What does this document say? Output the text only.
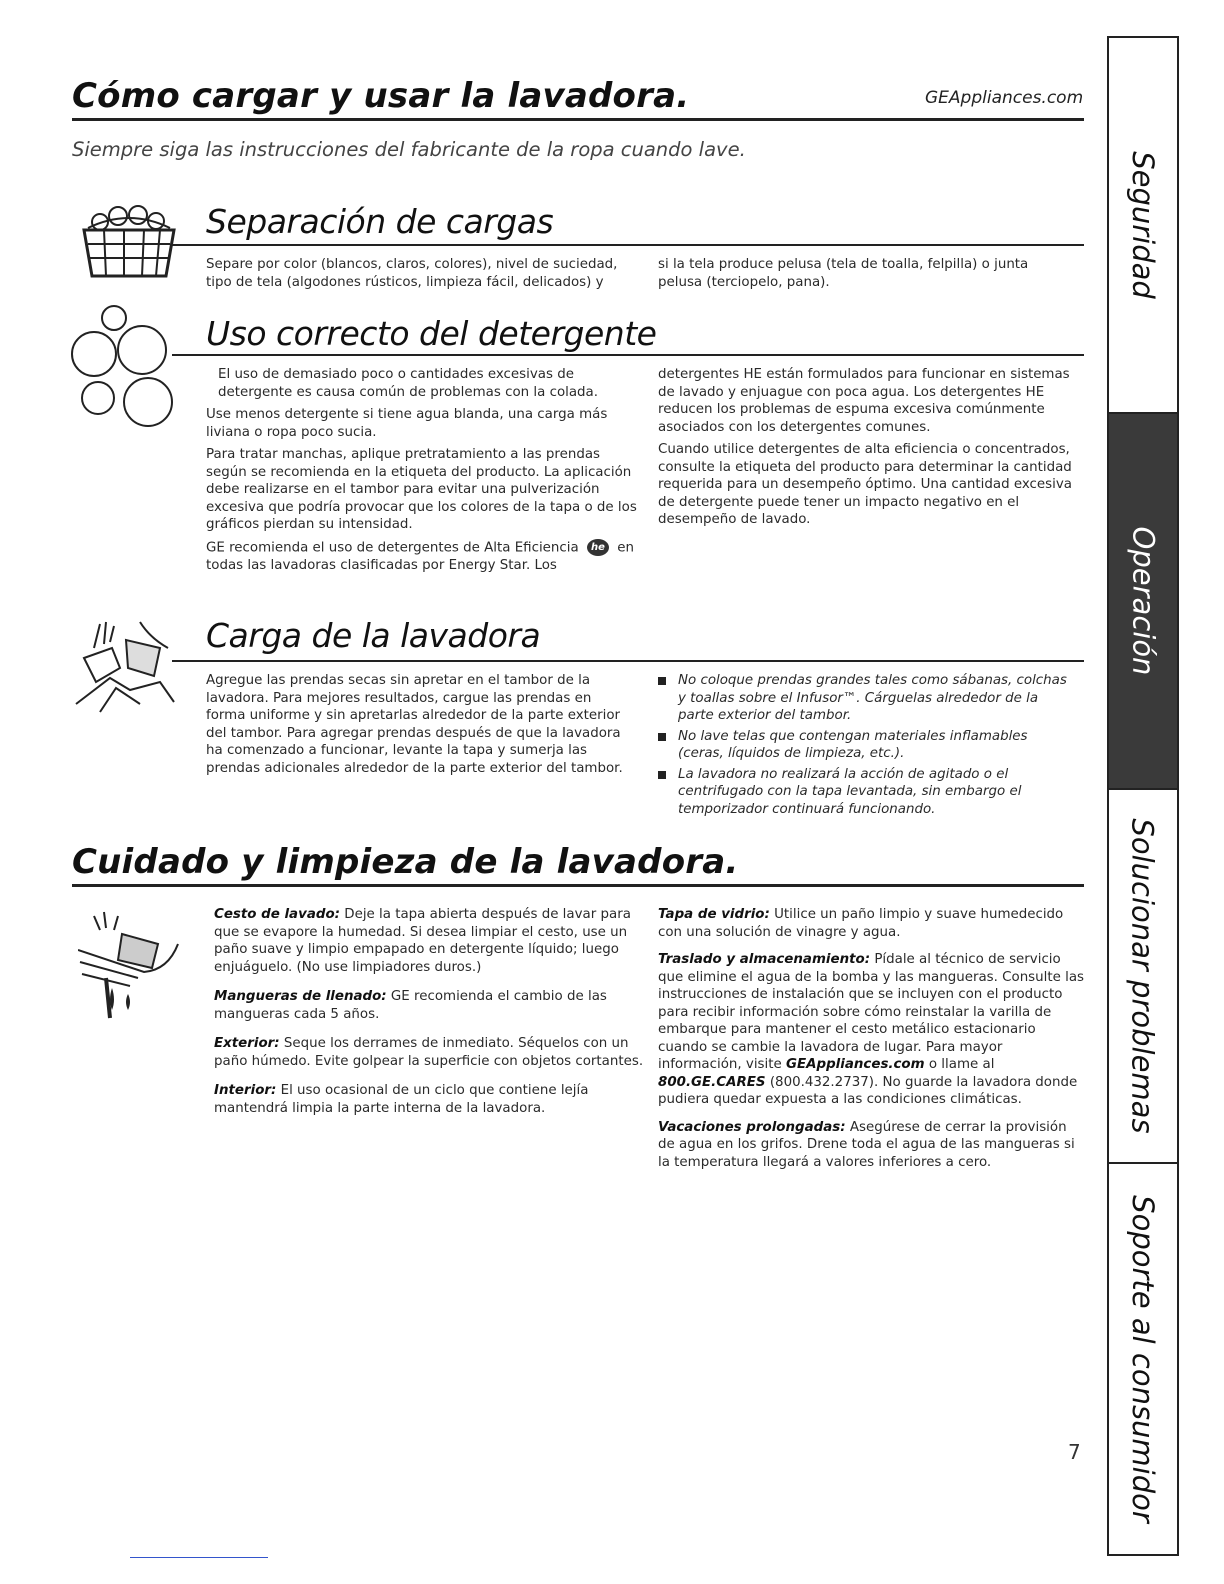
Cómo cargar y usar la lavadora.	GEAppliances.com
Siempre siga las instrucciones del fabricante de la ropa cuando lave.
Separación de cargas
Separe por color (blancos, claros, colores), nivel de suciedad, tipo de tela (algodones rústicos, limpieza fácil, delicados) y
si la tela produce pelusa (tela de toalla, felpilla) o junta pelusa (terciopelo, pana).
Uso correcto del detergente

El uso de demasiado poco o cantidades excesivas de detergente es causa común de problemas con la colada.

Use menos detergente si tiene agua blanda, una carga más liviana o ropa poco sucia.

Para tratar manchas, aplique pretratamiento a las prendas según se recomienda en la etiqueta del producto. La aplicación debe realizarse en el tambor para evitar una pulverización excesiva que podría provocar que los colores de la tapa o de los gráficos pierdan su intensidad.

GE recomienda el uso de detergentes de Alta Eficiencia he en todas las lavadoras clasificadas por Energy Star. Los

detergentes HE están formulados para funcionar en sistemas de lavado y enjuague con poca agua. Los detergentes HE reducen los problemas de espuma excesiva comúnmente asociados con los detergentes comunes.

Cuando utilice detergentes de alta eficiencia o concentrados, consulte la etiqueta del producto para determinar la cantidad requerida para un desempeño óptimo. Una cantidad excesiva de detergente puede tener un impacto negativo en el desempeño de lavado.

Carga de la lavadora
Agregue las prendas secas sin apretar en el tambor de la lavadora. Para mejores resultados, cargue las prendas en forma uniforme y sin apretarlas alrededor de la parte exterior del tambor. Para agregar prendas después de que la lavadora ha comenzado a funcionar, levante la tapa y sumerja las prendas adicionales alrededor de la parte exterior del tambor.
No coloque prendas grandes tales como sábanas, colchas y toallas sobre el Infusor™. Cárguelas alrededor de la parte exterior del tambor.
No lave telas que contengan materiales inflamables (ceras, líquidos de limpieza, etc.).
La lavadora no realizará la acción de agitado o el centrifugado con la tapa levantada, sin embargo el temporizador continuará funcionando.
Cuidado y limpieza de la lavadora.

Cesto de lavado: Deje la tapa abierta después de lavar para que se evapore la humedad. Si desea limpiar el cesto, use un paño suave y limpio empapado en detergente líquido; luego enjuáguelo. (No use limpiadores duros.)

Mangueras de llenado: GE recomienda el cambio de las mangueras cada 5 años.

Exterior: Seque los derrames de inmediato. Séquelos con un paño húmedo. Evite golpear la superficie con objetos cortantes.

Interior: El uso ocasional de un ciclo que contiene lejía mantendrá limpia la parte interna de la lavadora.

Tapa de vidrio: Utilice un paño limpio y suave humedecido con una solución de vinagre y agua.

Traslado y almacenamiento: Pídale al técnico de servicio que elimine el agua de la bomba y las mangueras. Consulte las instrucciones de instalación que se incluyen con el producto para recibir información sobre cómo reinstalar la varilla de embarque para mantener el cesto metálico estacionario cuando se cambie la lavadora de lugar. Para mayor información, visite GEAppliances.com o llame al 800.GE.CARES (800.432.2737). No guarde la lavadora donde pudiera quedar expuesta a las condiciones climáticas.

Vacaciones prolongadas: Asegúrese de cerrar la provisión de agua en los grifos. Drene toda el agua de las mangueras si la temperatura llegará a valores inferiores a cero.

7
Seguridad
Operación
Solucionar problemas
Soporte al consumidor
